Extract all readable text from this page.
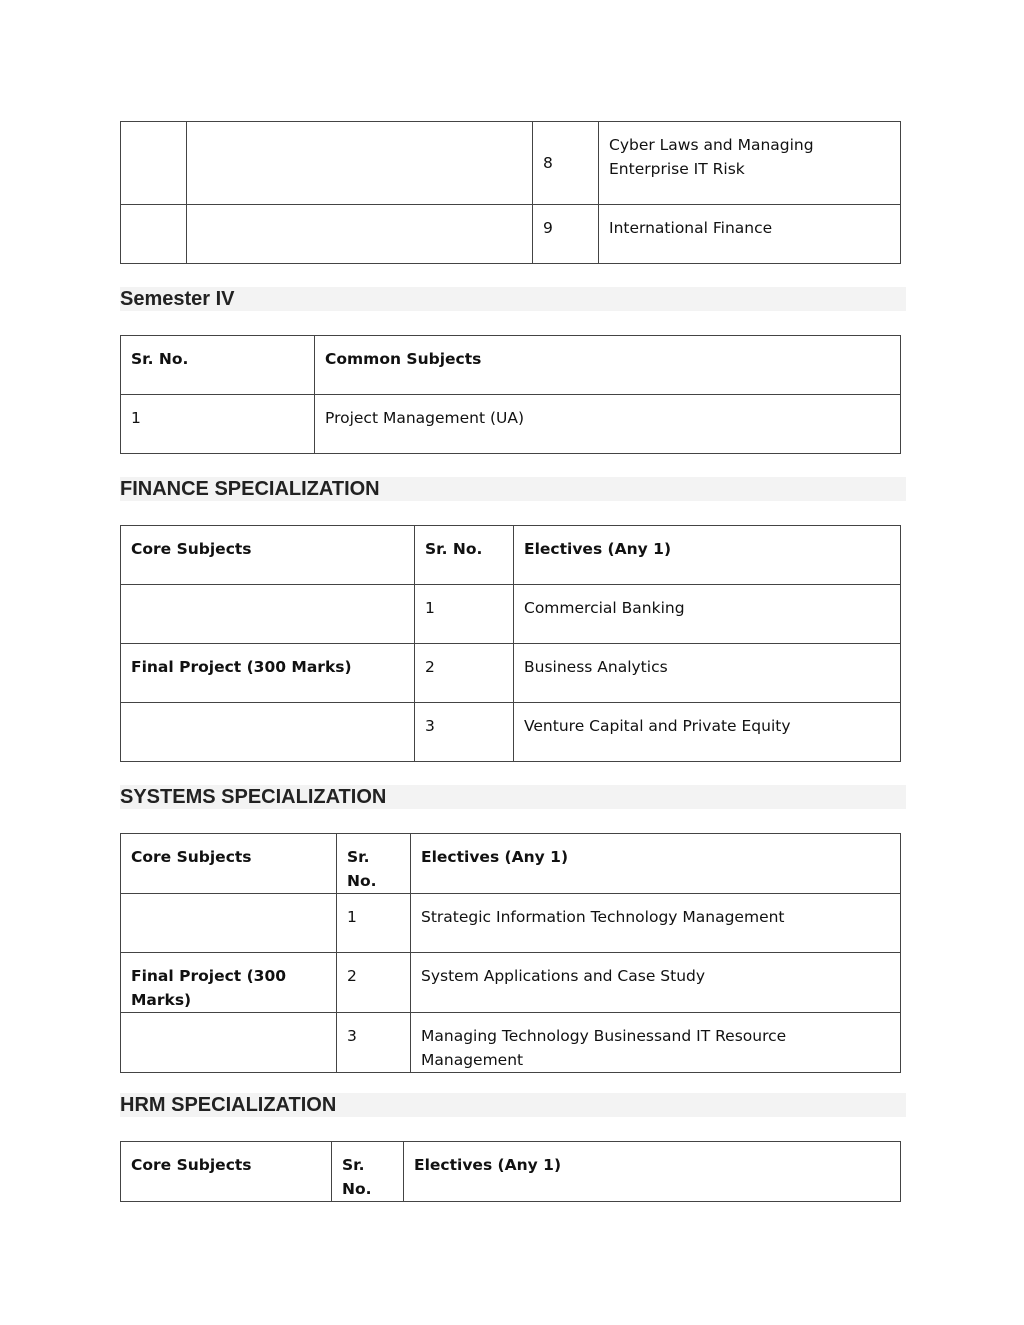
		8	Cyber Laws and Managing Enterprise IT Risk
		9	International Finance
Semester IV
Sr. No.	Common Subjects
1	Project Management (UA)
FINANCE SPECIALIZATION
Core Subjects	Sr. No.	Electives (Any 1)
	1	Commercial Banking
Final Project (300 Marks)	2	Business Analytics
	3	Venture Capital and Private Equity
SYSTEMS SPECIALIZATION
Core Subjects	Sr. No.	Electives (Any 1)
	1	Strategic Information Technology Management
Final Project (300 Marks)	2	System Applications and Case Study
	3	Managing Technology Businessand IT Resource Management
HRM SPECIALIZATION
Core Subjects	Sr. No.	Electives (Any 1)
